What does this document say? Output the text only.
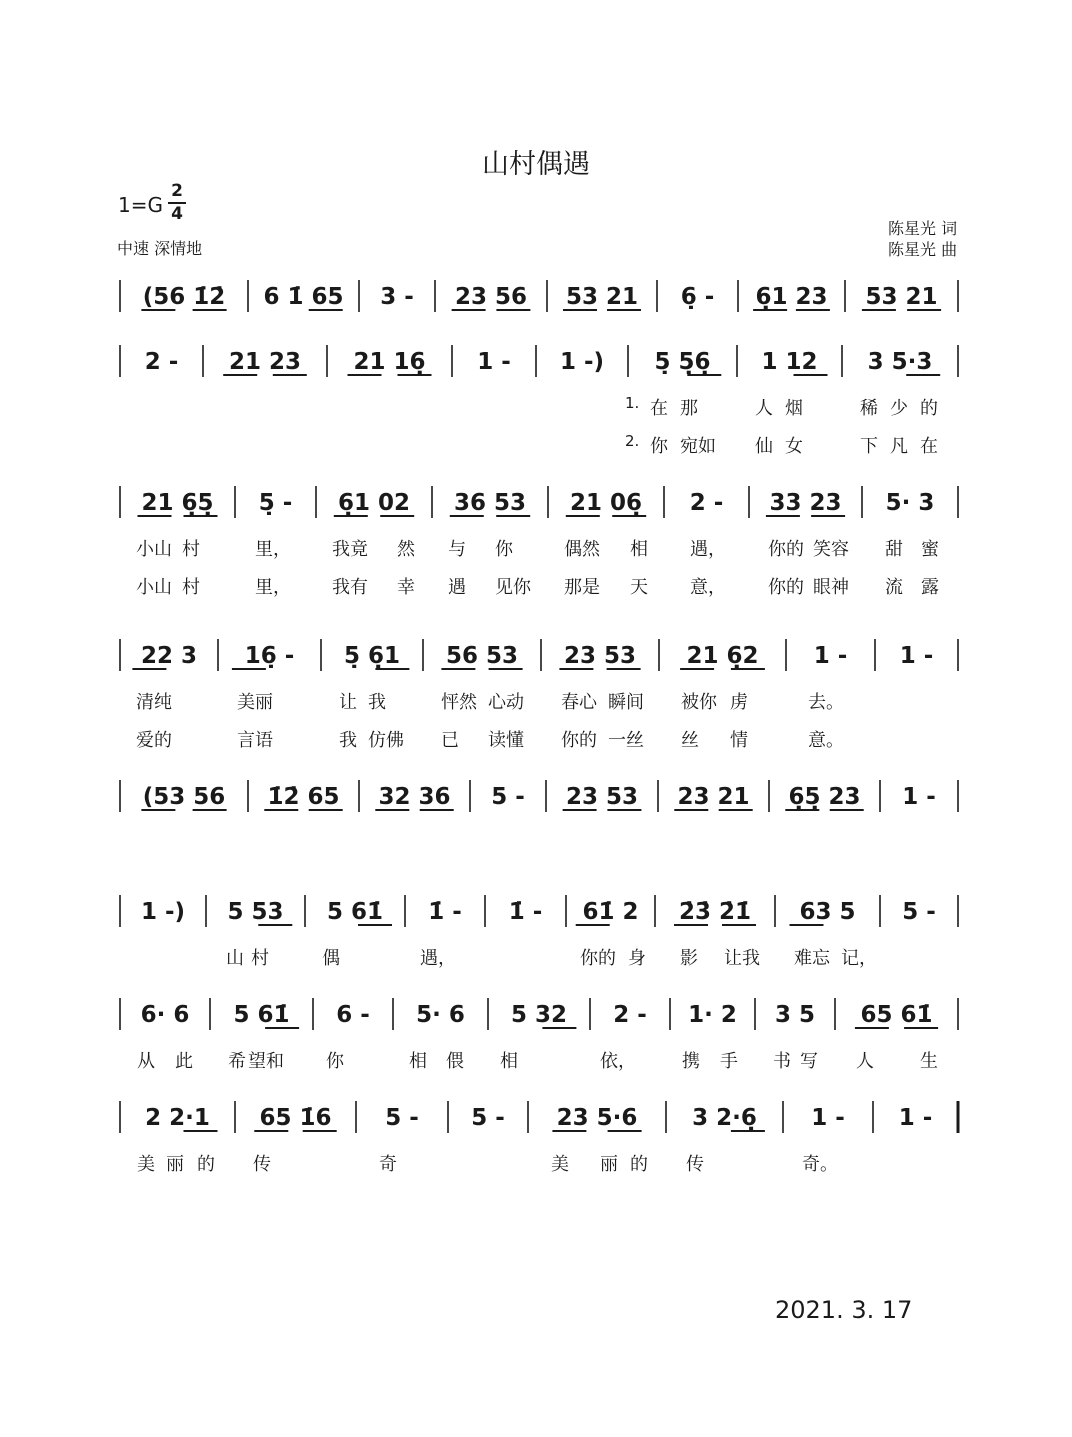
山村偶遇
1=G
2
4
中速 深情地
陈星光 词
陈星光 曲
(56 1̇2̇ 6 1̇ 65 3 - 23 56 53 21 6̣ - 6̣1 23 53 21
2 - 21 23 21 16̣ 1 - 1 -) 5̣ 5̣6̣ 1 12 3 5·3
21 6̣5̣ 5̣ - 6̣1 02 36 53 21 06̣ 2 - 33 23 5· 3
22 3 16̣ - 5̣ 6̣1 56 53 23 53 21 6̣2 1 - 1 -
(53 56 1̇2̇ 65 32 36 5 - 23 53 23 21 6̣5̣ 23 1 -
1 -) 5 53 5 61̇ 1̇ - 1̇ - 61̇ 2 2̇3̇ 2̇1̇ 63 5 5 -
6· 6 5 61̇ 6 - 5· 6 5 32 2 - 1· 2 3 5 65 61̇
2 2·1 65 1̇6 5 - 5 - 23 5·6 3 2·6̣ 1 - 1 -
1. 在 那	人 烟	稀 少 的
2. 你 宛如 仙 女	下 凡 在
小山 村	里， 我竟 然 与 你	偶然 相 遇， 你的 笑容 甜 蜜
小山 村	里， 我有 幸 遇 见你 那是 天 意， 你的 眼神 流 露
清纯	美丽	让 我	怦然 心动 春心 瞬间 被你 虏	去。
爱的	言语	我 仿佛 已 读懂 你的 一丝 丝 情	意。
山 村	偶	遇，	你的 身 影 让我 难忘 记，
从 此 希 望和 你	相 偎 相	依，	携 手 书 写 人	生
美 丽 的 传	奇	美 丽 的 传	奇。
2021. 3. 17
